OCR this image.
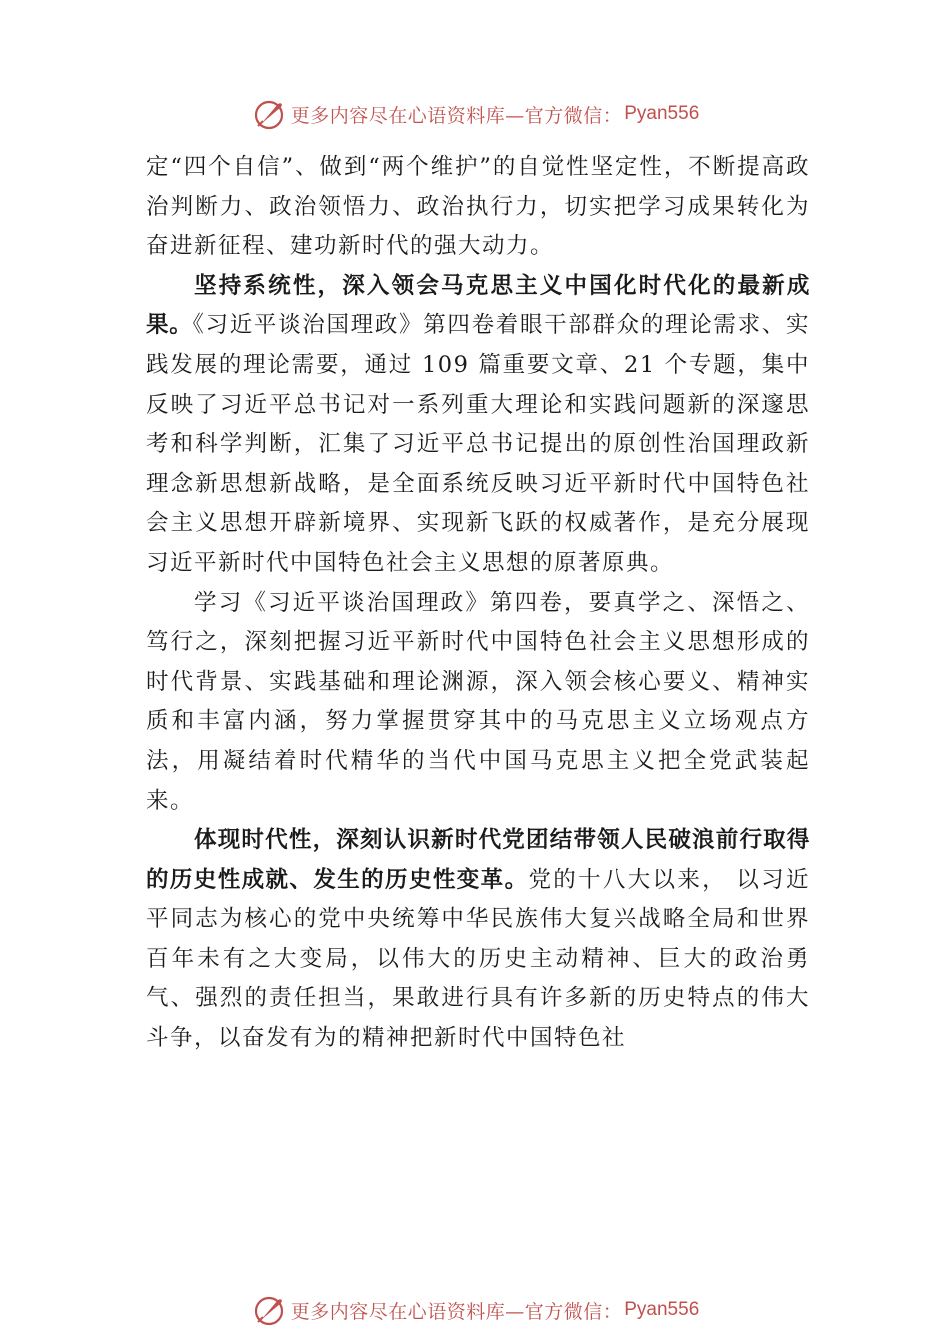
更多内容尽在心语资料库—官方微信： Pyan556

定“四个自信”、做到“两个维护”的自觉性坚定性，不断提高政治判断力、政治领悟力、政治执行力，切实把学习成果转化为奋进新征程、建功新时代的强大动力。

坚持系统性，深入领会马克思主义中国化时代化的最新成果。《习近平谈治国理政》第四卷着眼干部群众的理论需求、实践发展的理论需要，通过 109 篇重要文章、21 个专题，集中反映了习近平总书记对一系列重大理论和实践问题新的深邃思考和科学判断，汇集了习近平总书记提出的原创性治国理政新理念新思想新战略，是全面系统反映习近平新时代中国特色社会主义思想开辟新境界、实现新飞跃的权威著作，是充分展现习近平新时代中国特色社会主义思想的原著原典。

学习《习近平谈治国理政》第四卷，要真学之、深悟之、笃行之，深刻把握习近平新时代中国特色社会主义思想形成的时代背景、实践基础和理论渊源，深入领会核心要义、精神实质和丰富内涵，努力掌握贯穿其中的马克思主义立场观点方法，用凝结着时代精华的当代中国马克思主义把全党武装起来。

体现时代性，深刻认识新时代党团结带领人民破浪前行取得的历史性成就、发生的历史性变革。党的十八大以来， 以习近平同志为核心的党中央统筹中华民族伟大复兴战略全局和世界百年未有之大变局，以伟大的历史主动精神、巨大的政治勇气、强烈的责任担当，果敢进行具有许多新的历史特点的伟大斗争，以奋发有为的精神把新时代中国特色社

更多内容尽在心语资料库—官方微信： Pyan556
